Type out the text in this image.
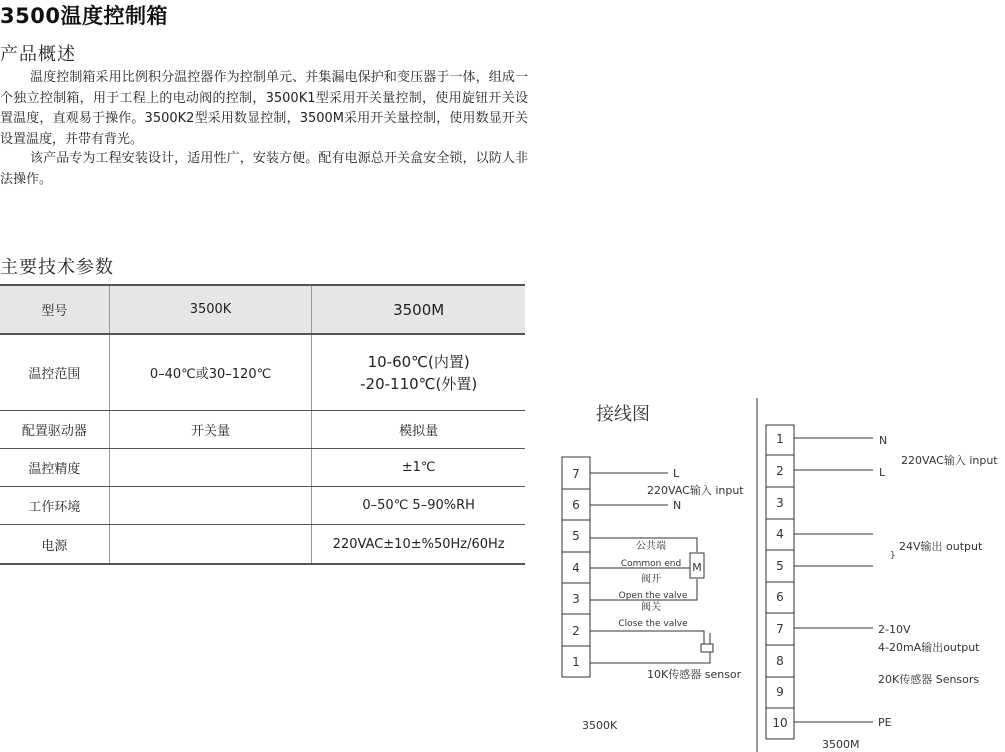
3500温度控制箱
产品概述
温度控制箱采用比例积分温控器作为控制单元、并集漏电保护和变压器于一体，组成一个独立控制箱，用于工程上的电动阀的控制，3500K1型采用开关量控制，使用旋钮开关设置温度，直观易于操作。3500K2型采用数显控制，3500M采用开关量控制，使用数显开关设置温度，并带有背光。
该产品专为工程安装设计，适用性广，安装方便。配有电源总开关盒安全锁，以防人非法操作。
主要技术参数
型号	3500K	3500M
温控范围	0–40℃或30–120℃	10-60℃(内置)
-20-110℃(外置)
配置驱动器	开关量	模拟量
温控精度		±1℃
工作环境		0–50℃ 5–90%RH
电源		220VAC±10±%50Hz/60Hz
接线图
7
6
5
4
3
2
1
M
L
220VAC输入 input
N
公共端
Common end
阀开
Open the valve
阀关
Close the valve
10K传感器 sensor
3500K
1
2
3
4
5
6
7
8
9
10
}
N
220VAC输入 input
L
24V输出 output
2-10V
4-20mA输出output
20K传感器 Sensors
PE
3500M
